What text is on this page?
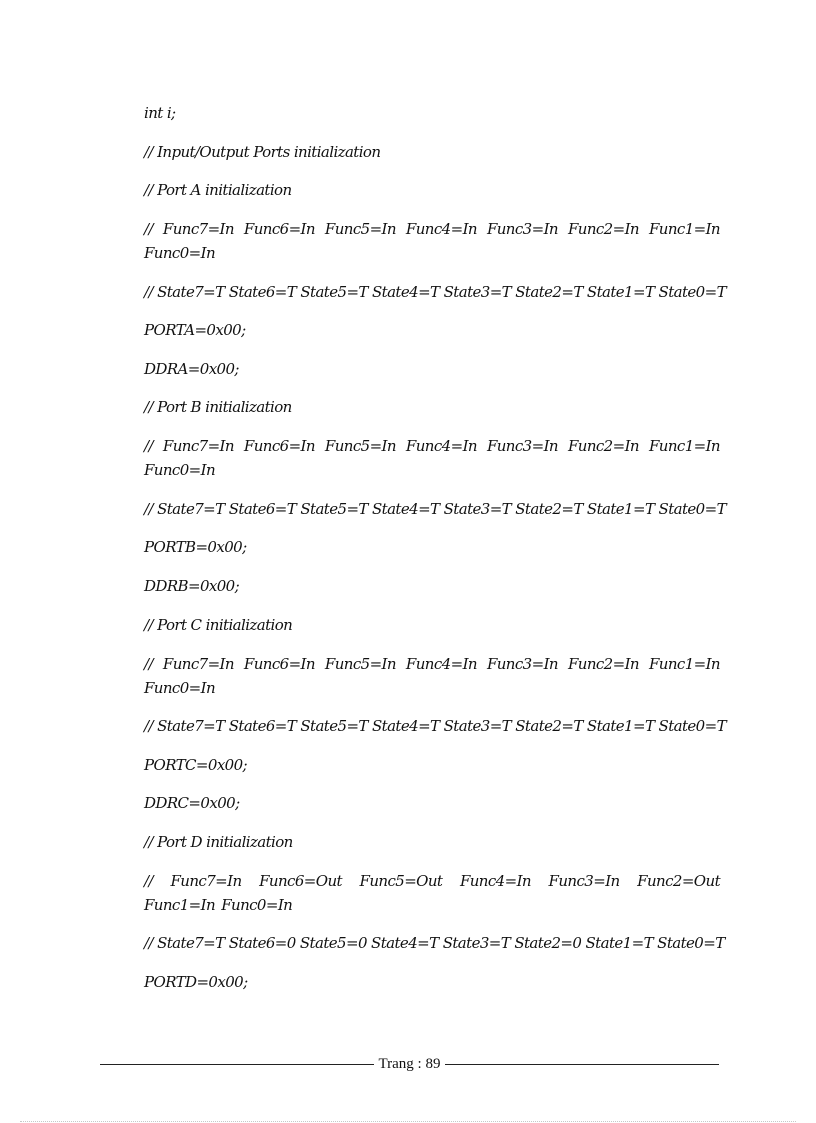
int i;
// Input/Output Ports initialization
// Port A initialization
// Func7=In Func6=In Func5=In Func4=In Func3=In Func2=In Func1=In Func0=In
// State7=T State6=T State5=T State4=T State3=T State2=T State1=T State0=T
PORTA=0x00;
DDRA=0x00;
// Port B initialization
// Func7=In Func6=In Func5=In Func4=In Func3=In Func2=In Func1=In Func0=In
// State7=T State6=T State5=T State4=T State3=T State2=T State1=T State0=T
PORTB=0x00;
DDRB=0x00;
// Port C initialization
// Func7=In Func6=In Func5=In Func4=In Func3=In Func2=In Func1=In Func0=In
// State7=T State6=T State5=T State4=T State3=T State2=T State1=T State0=T
PORTC=0x00;
DDRC=0x00;
// Port D initialization
// Func7=In Func6=Out Func5=Out Func4=In Func3=In Func2=Out Func1=In Func0=In
// State7=T State6=0 State5=0 State4=T State3=T State2=0 State1=T State0=T
PORTD=0x00;
Trang : 89
